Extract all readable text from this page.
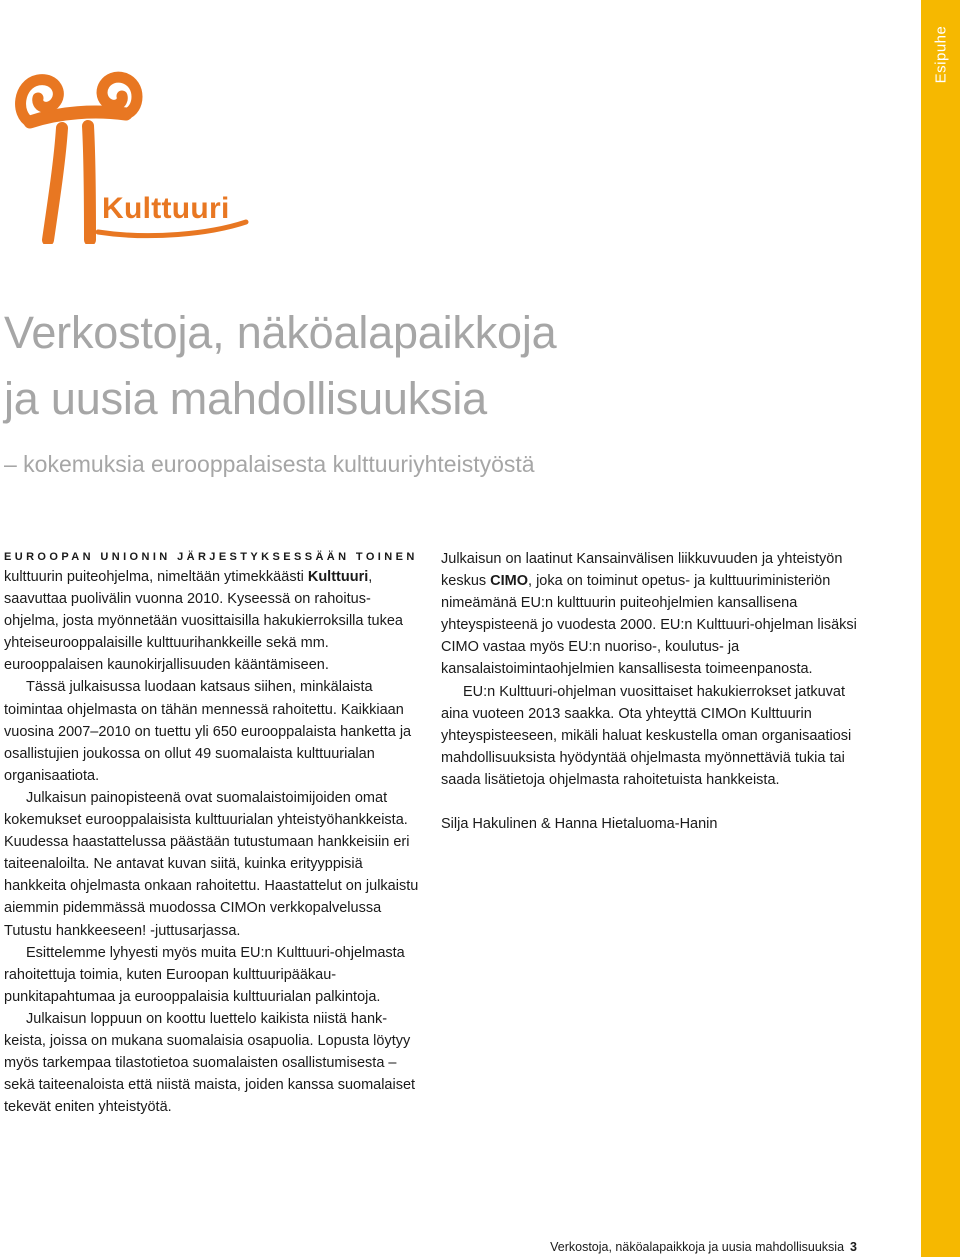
Esipuhe
Kulttuuri
Verkostoja, näköalapaikkoja
ja uusia mahdollisuuksia
– kokemuksia eurooppalaisesta kulttuuriyhteistyöstä

EUROOPAN UNIONIN JÄRJESTYKSESSÄÄN TOINEN
kulttuurin puiteohjelma, nimeltään ytimekkäästi Kulttuuri, saavuttaa puolivälin vuonna 2010. Kyseessä on rahoitusohjelma, josta myönnetään vuosittaisilla hakukierroksilla tukea yhteiseurooppalaisille kulttuurihankkeille sekä mm. eurooppalaisen kaunokirjallisuuden kääntämiseen.

Tässä julkaisussa luodaan katsaus siihen, minkälaista toimintaa ohjelmasta on tähän mennessä rahoitettu. Kaikkiaan vuosina 2007–2010 on tuettu yli 650 eurooppalaista hanketta ja osallistujien joukossa on ollut 49 suomalaista kulttuurialan organisaatiota.

Julkaisun painopisteenä ovat suomalaistoimijoiden omat kokemukset eurooppalaisista kulttuurialan yhteistyöhankkeista. Kuudessa haastattelussa päästään tutustumaan hankkeisiin eri taiteenaloilta. Ne antavat kuvan siitä, kuinka erityyppisiä hankkeita ohjelmasta onkaan rahoitettu. Haastattelut on julkaistu aiemmin pidemmässä muodossa CIMOn verkkopalvelussa Tutustu hankkeeseen! -juttusarjassa.

Esittelemme lyhyesti myös muita EU:n Kulttuuri-ohjelmasta rahoitettuja toimia, kuten Euroopan kulttuuripääkaupunkitapahtumaa ja eurooppalaisia kulttuurialan palkintoja.

Julkaisun loppuun on koottu luettelo kaikista niistä hankkeista, joissa on mukana suomalaisia osapuolia. Lopusta löytyy myös tarkempaa tilastotietoa suomalaisten osallistumisesta – sekä taiteenaloista että niistä maista, joiden kanssa suomalaiset tekevät eniten yhteistyötä.

Julkaisun on laatinut Kansainvälisen liikkuvuuden ja yhteistyön keskus CIMO, joka on toiminut opetus- ja kulttuuriministeriön nimeämänä EU:n kulttuurin puiteohjelmien kansallisena yhteyspisteenä jo vuodesta 2000. EU:n Kulttuuri-ohjelman lisäksi CIMO vastaa myös EU:n nuoriso-, koulutus- ja kansalaistoimintaohjelmien kansallisesta toimeenpanosta.

EU:n Kulttuuri-ohjelman vuosittaiset hakukierrokset jatkuvat aina vuoteen 2013 saakka. Ota yhteyttä CIMOn Kulttuurin yhteyspisteeseen, mikäli haluat keskustella oman organisaatiosi mahdollisuuksista hyödyntää ohjelmasta myönnettäviä tukia tai saada lisätietoja ohjelmasta rahoitetuista hankkeista.

Silja Hakulinen & Hanna Hietaluoma-Hanin

Verkostoja, näköalapaikkoja ja uusia mahdollisuuksia 3
